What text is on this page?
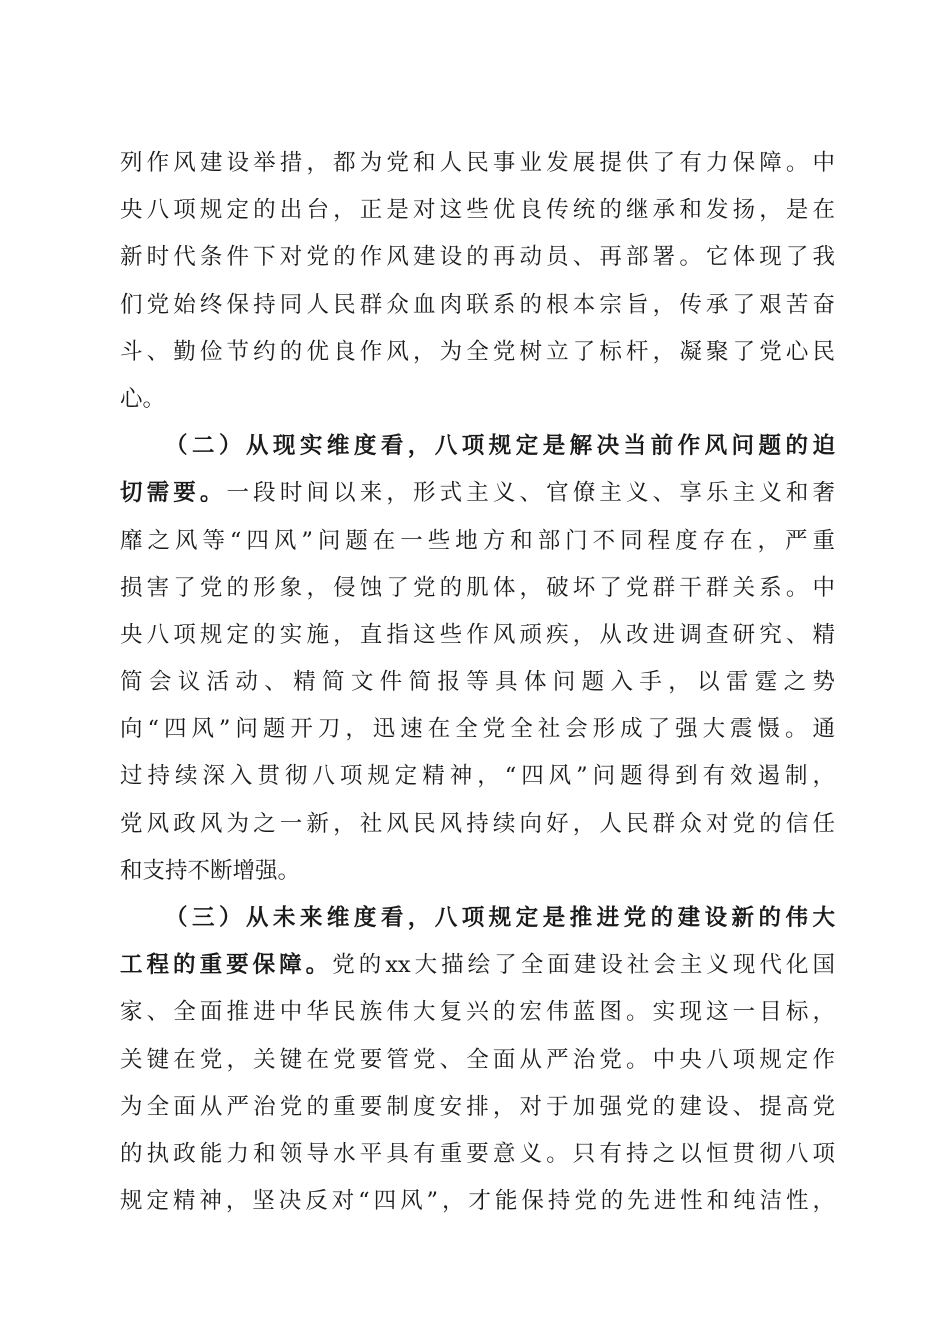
列作风建设举措，都为党和人民事业发展提供了有力保障。中
央八项规定的出台，正是对这些优良传统的继承和发扬，是在
新时代条件下对党的作风建设的再动员、再部署。它体现了我
们党始终保持同人民群众血肉联系的根本宗旨，传承了艰苦奋
斗、勤俭节约的优良作风，为全党树立了标杆，凝聚了党心民
心。
（二）从现实维度看，八项规定是解决当前作风问题的迫
切需要。一段时间以来，形式主义、官僚主义、享乐主义和奢
靡之风等“四风”问题在一些地方和部门不同程度存在，严重
损害了党的形象，侵蚀了党的肌体，破坏了党群干群关系。中
央八项规定的实施，直指这些作风顽疾，从改进调查研究、精
简会议活动、精简文件简报等具体问题入手，以雷霆之势
向“四风”问题开刀，迅速在全党全社会形成了强大震慑。通
过持续深入贯彻八项规定精神，“四风”问题得到有效遏制，
党风政风为之一新，社风民风持续向好，人民群众对党的信任
和支持不断增强。
（三）从未来维度看，八项规定是推进党的建设新的伟大
工程的重要保障。党的xx大描绘了全面建设社会主义现代化国
家、全面推进中华民族伟大复兴的宏伟蓝图。实现这一目标，
关键在党，关键在党要管党、全面从严治党。中央八项规定作
为全面从严治党的重要制度安排，对于加强党的建设、提高党
的执政能力和领导水平具有重要意义。只有持之以恒贯彻八项
规定精神，坚决反对“四风”，才能保持党的先进性和纯洁性，
